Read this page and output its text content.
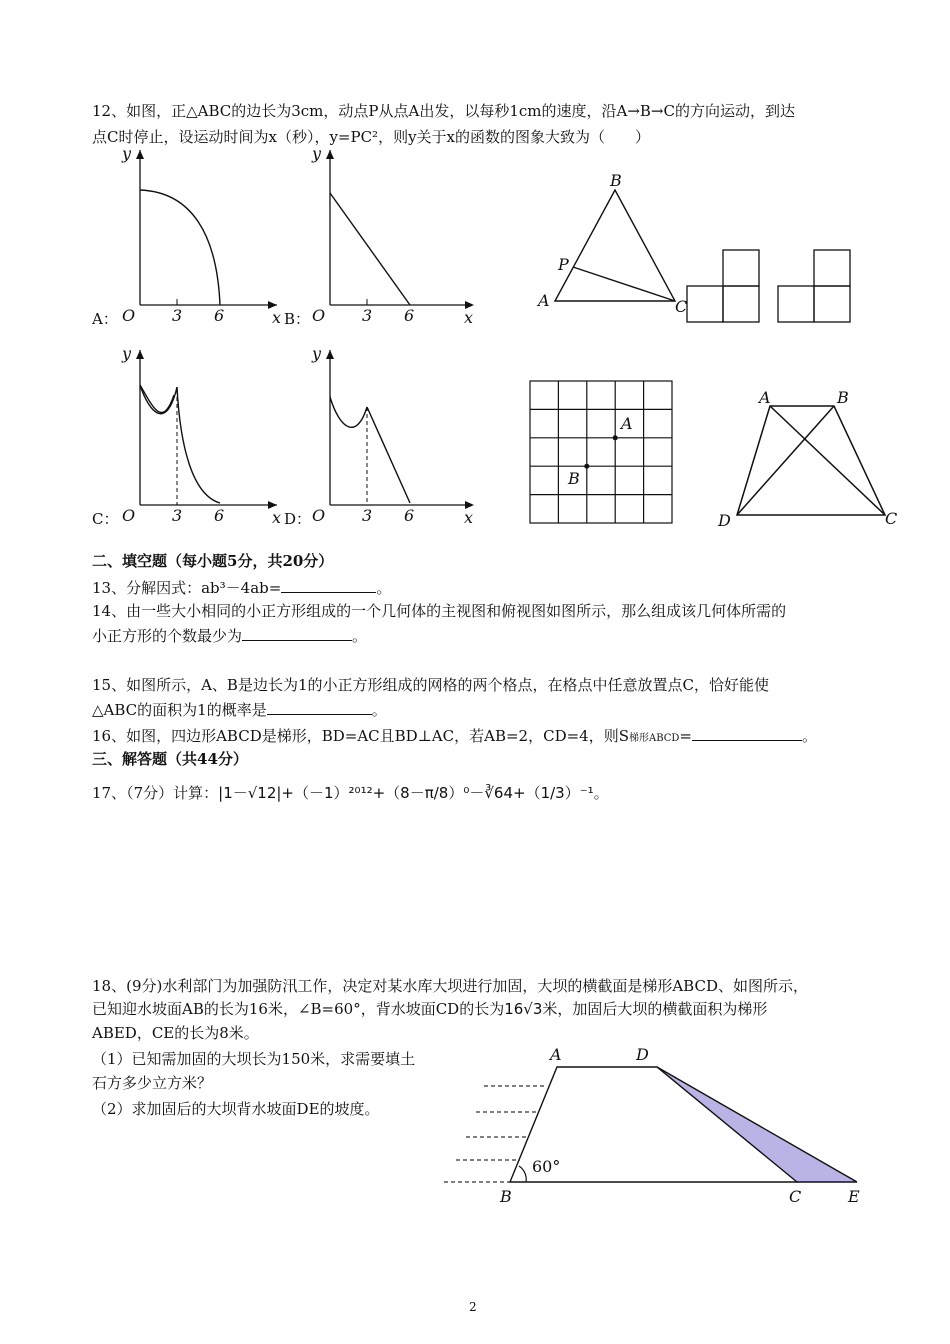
12、如图，正△ABC的边长为3cm，动点P从点A出发，以每秒1cm的速度，沿A→B→C的方向运动，到达
点C时停止，设运动时间为x（秒），y=PC²，则y关于x的函数的图象大致为（　　）
A：
y
O 3 6	x B：
y
O 3 6	x
B
A
P
C
C：
y
O 3 6	x D：
y
O 3 6	x
A
B
A	B
C
D
二、填空题（每小题5分，共20分）
13、分解因式：ab³－4ab=	。
14、由一些大小相同的小正方形组成的一个几何体的主视图和俯视图如图所示，那么组成该几何体所需的
小正方形的个数最少为	。
15、如图所示，A、B是边长为1的小正方形组成的网格的两个格点，在格点中任意放置点C，恰好能使
△ABC的面积为1的概率是	。
16、如图，四边形ABCD是梯形，BD=AC且BD⊥AC，若AB=2，CD=4，则S梯形ABCD=	。
三、解答题（共44分）
17、（7分）计算：|1－√12|+（－1）²⁰¹²+（8－π/8）⁰－∛64+（1/3）⁻¹。
18、(9分)水利部门为加强防汛工作，决定对某水库大坝进行加固，大坝的横截面是梯形ABCD、如图所示，
已知迎水坡面AB的长为16米，∠B=60°，背水坡面CD的长为16√3米，加固后大坝的横截面积为梯形
ABED，CE的长为8米。
（1）已知需加固的大坝长为150米，求需要填土
石方多少立方米？
（2）求加固后的大坝背水坡面DE的坡度。
60°
A	D
B	C	E
2
